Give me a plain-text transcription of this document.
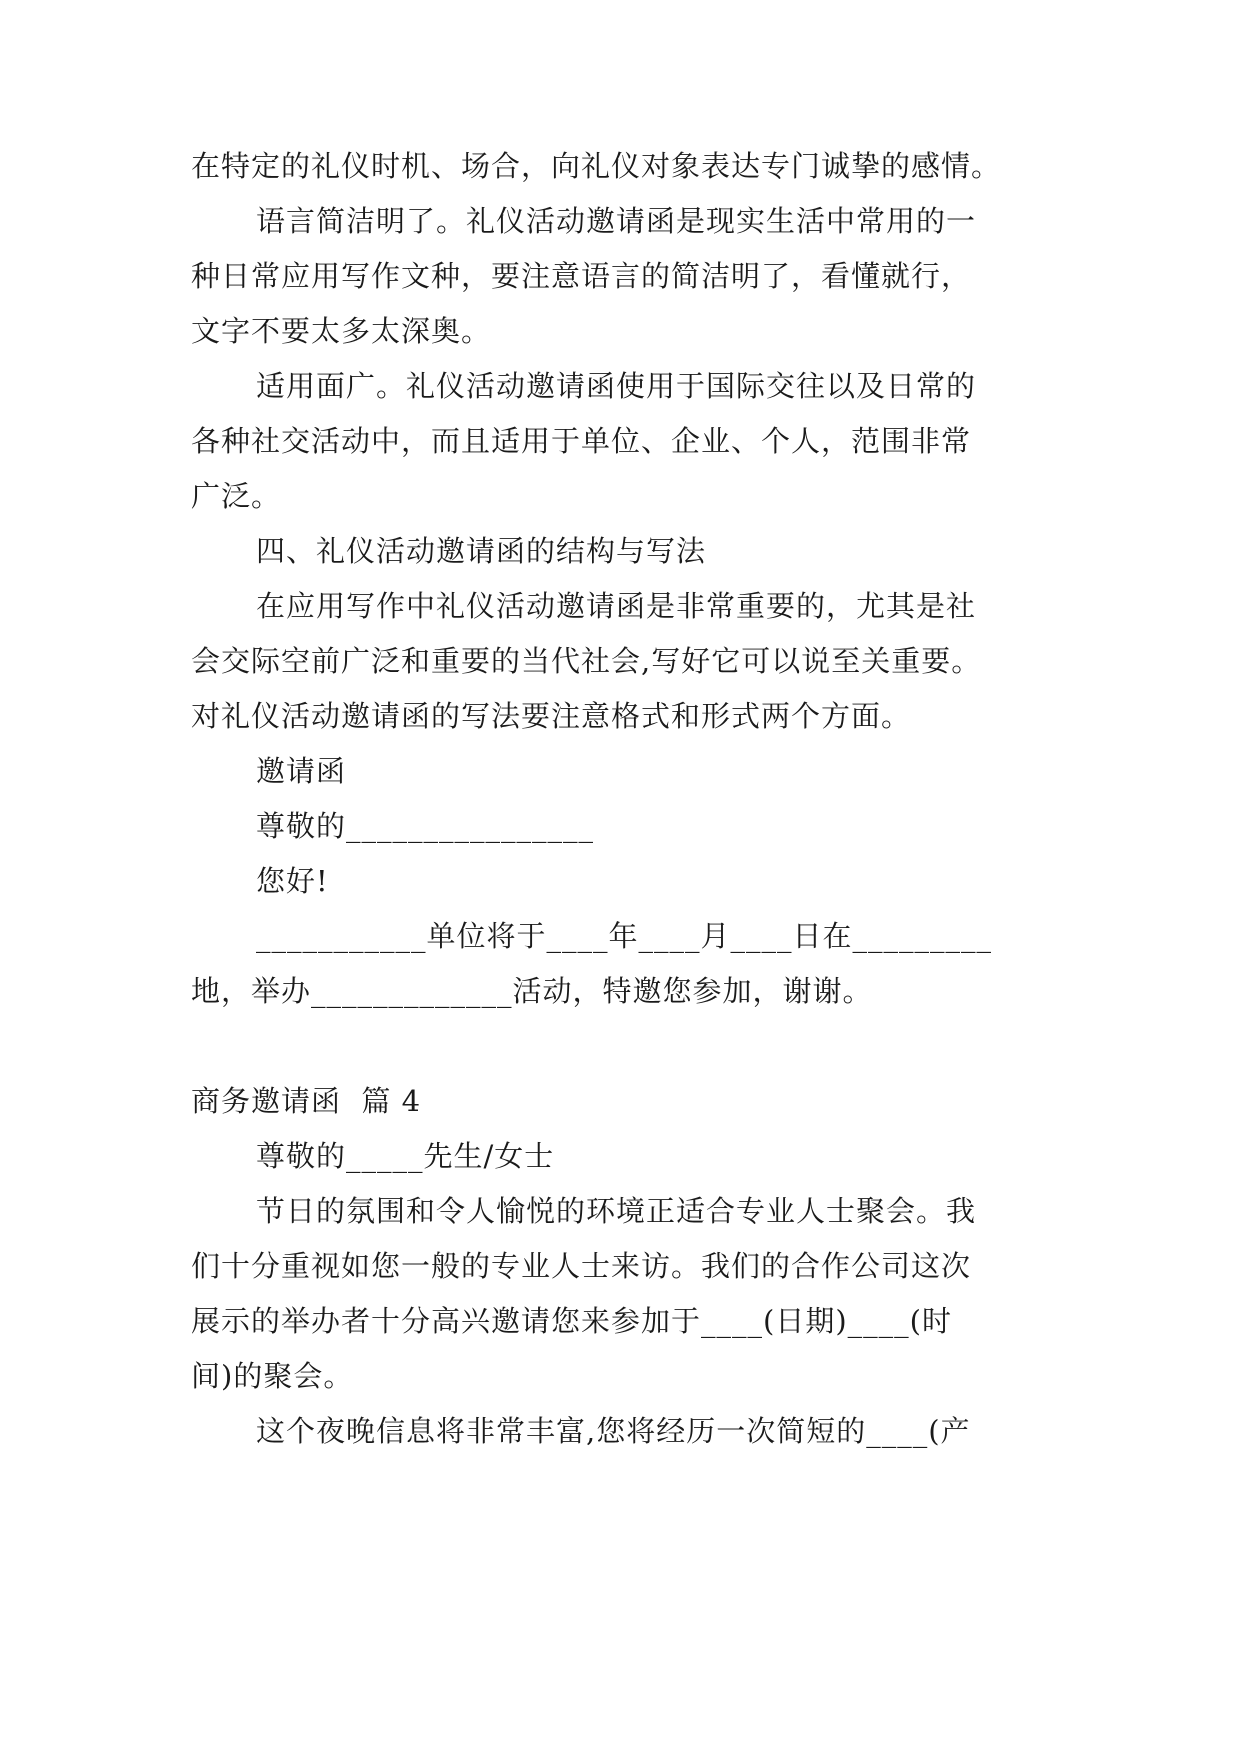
在特定的礼仪时机、场合，向礼仪对象表达专门诚挚的感情。
语言简洁明了。礼仪活动邀请函是现实生活中常用的一
种日常应用写作文种，要注意语言的简洁明了，看懂就行，
文字不要太多太深奥。
适用面广。礼仪活动邀请函使用于国际交往以及日常的
各种社交活动中，而且适用于单位、企业、个人，范围非常
广泛。
四、礼仪活动邀请函的结构与写法
在应用写作中礼仪活动邀请函是非常重要的，尤其是社
会交际空前广泛和重要的当代社会,写好它可以说至关重要。
对礼仪活动邀请函的写法要注意格式和形式两个方面。
邀请函
尊敬的________________
您好!
___________单位将于____年____月____日在_________
地，举办_____________活动，特邀您参加，谢谢。
商务邀请函  篇 4
尊敬的_____先生/女士
节日的氛围和令人愉悦的环境正适合专业人士聚会。我
们十分重视如您一般的专业人士来访。我们的合作公司这次
展示的举办者十分高兴邀请您来参加于____(日期)____(时
间)的聚会。
这个夜晚信息将非常丰富,您将经历一次简短的____(产
